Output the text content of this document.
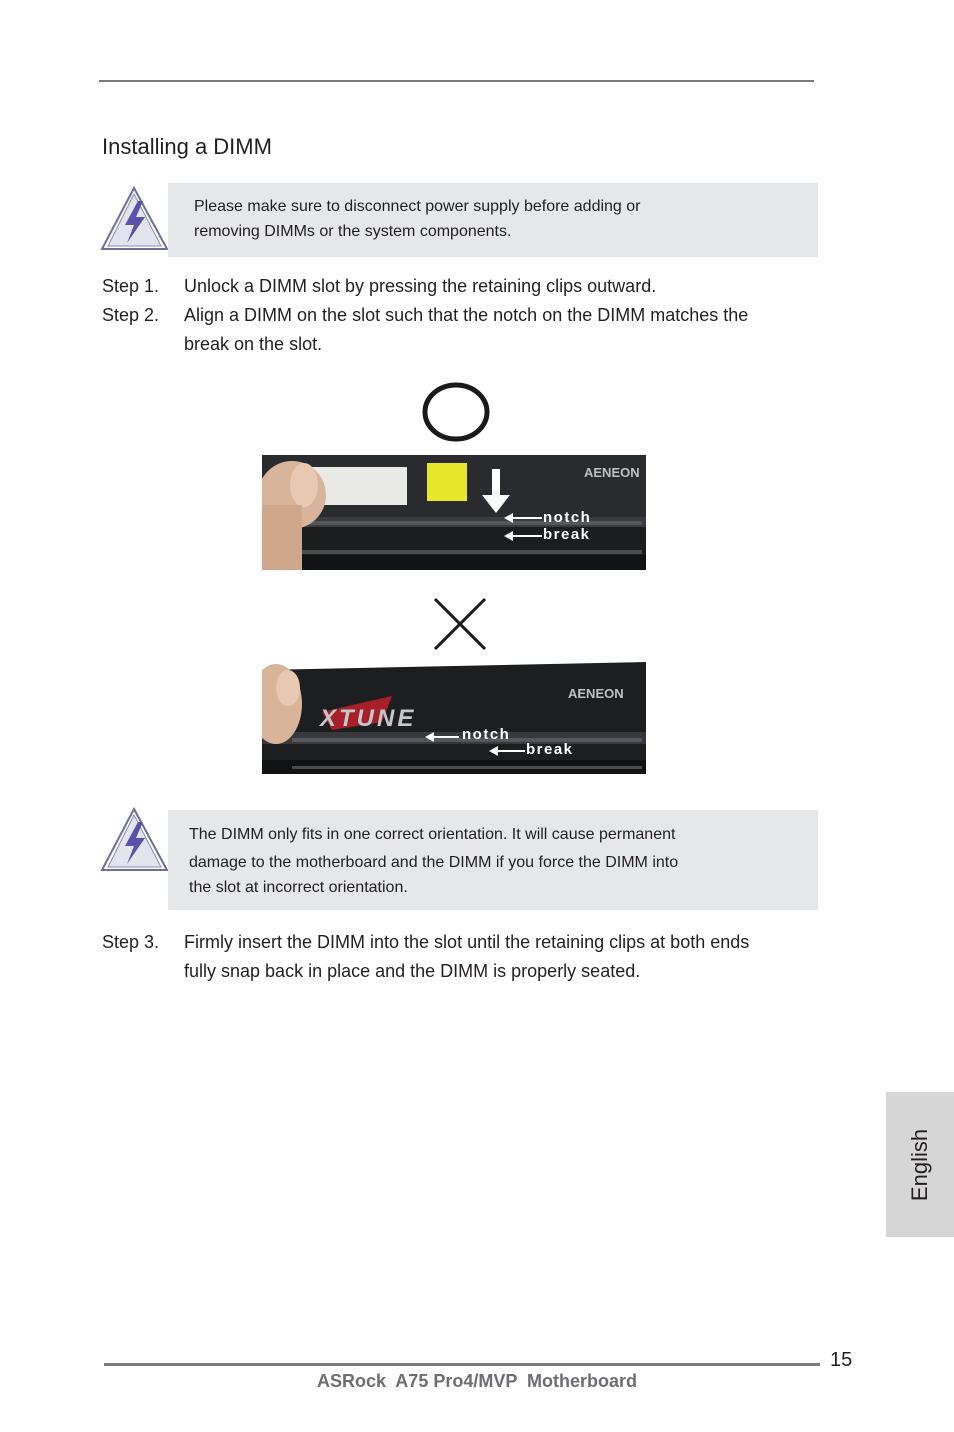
Installing a DIMM

Please make sure to disconnect power supply before adding or

removing DIMMs or the system components.

Step 1. Unlock a DIMM slot by pressing the retaining clips outward.
Step 2. Align a DIMM on the slot such that the notch on the DIMM matches the
break on the slot.
AENEON
notch
break
XTUNE
AENEON
notch
break

The DIMM only fits in one correct orientation. It will cause permanent

damage to the motherboard and the DIMM if you force the DIMM into

the slot at incorrect orientation.

Step 3. Firmly insert the DIMM into the slot until the retaining clips at both ends
fully snap back in place and the DIMM is properly seated.
English
15
ASRock  A75 Pro4/MVP  Motherboard
